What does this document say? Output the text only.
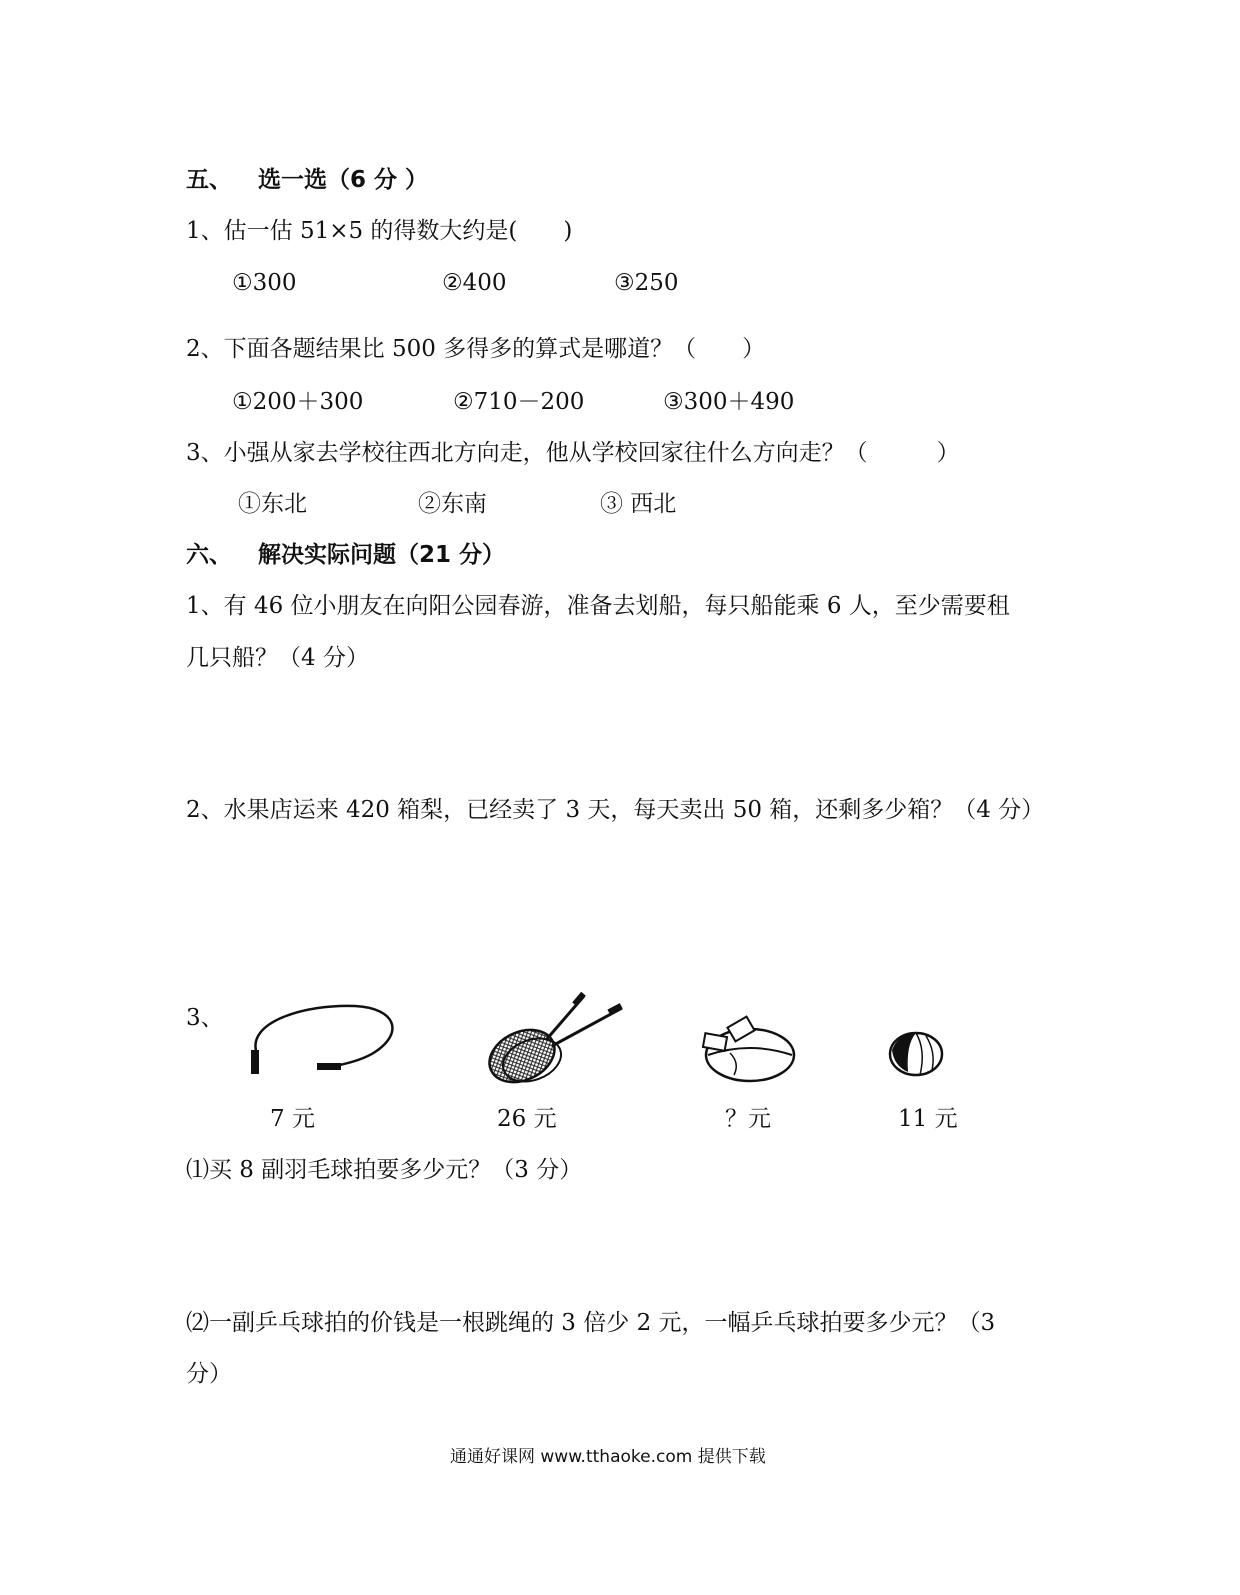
五、 选一选（6 分 ）
1、估一估 51×5 的得数大约是(　　)
①300	②400	③250
2、下面各题结果比 500 多得多的算式是哪道？（　　）
①200＋300	②710－200	③300＋490
3、小强从家去学校往西北方向走，他从学校回家往什么方向走？（　　　）
①东北	②东南	③ 西北
六、 解决实际问题（21 分）
1、有 46 位小朋友在向阳公园春游，准备去划船，每只船能乘 6 人，至少需要租
几只船？（4 分）
2、水果店运来 420 箱梨，已经卖了 3 天，每天卖出 50 箱，还剩多少箱？（4 分）
3、
7 元	26 元	？元	11 元
⑴买 8 副羽毛球拍要多少元？（3 分）
⑵一副乒乓球拍的价钱是一根跳绳的 3 倍少 2 元，一幅乒乓球拍要多少元？（3
分）
通通好课网 www.tthaoke.com 提供下载
